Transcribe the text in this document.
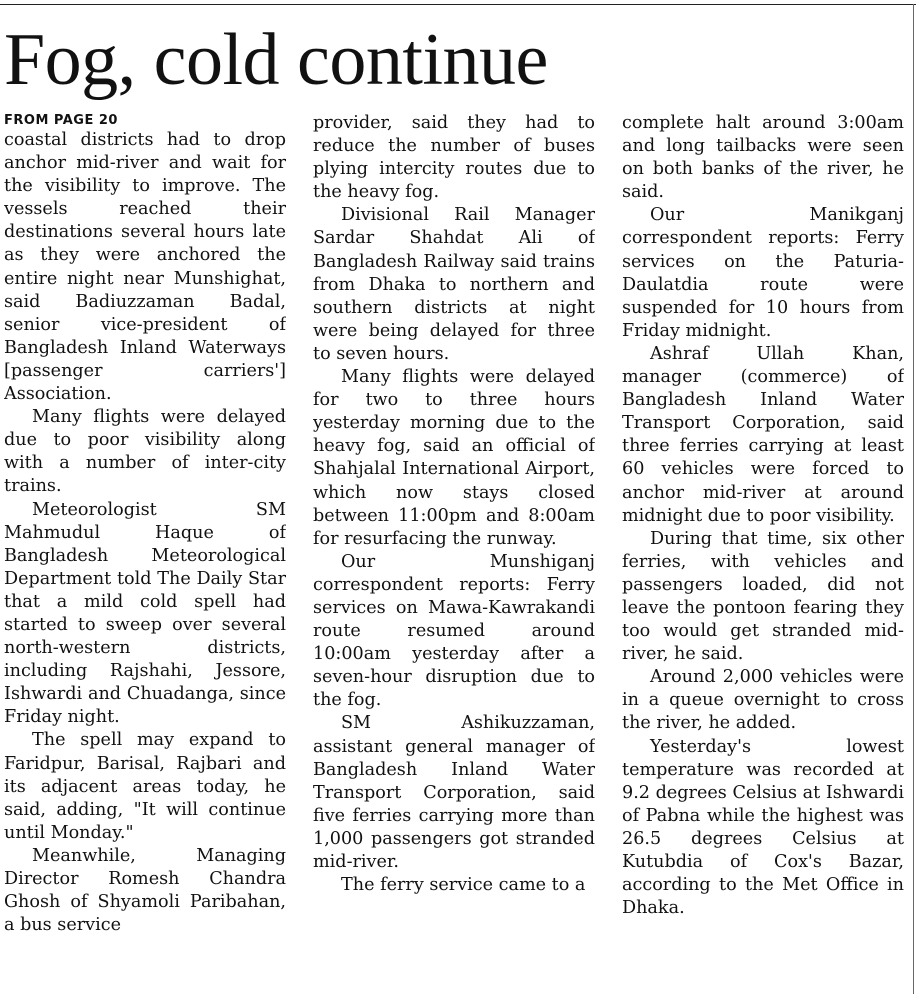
Fog, cold continue
FROM PAGE 20

coastal districts had to drop anchor mid-river and wait for the visibility to improve. The vessels reached their destinations several hours late as they were anchored the entire night near Munshighat, said Badiuzzaman Badal, senior vice-president of Bangladesh Inland Waterways [passenger carriers'] Association.

Many flights were delayed due to poor visibility along with a number of inter-city trains.

Meteorologist SM Mahmudul Haque of Bangladesh Meteorological Department told The Daily Star that a mild cold spell had started to sweep over several north-western districts, including Rajshahi, Jessore, Ishwardi and Chuadanga, since Friday night.

The spell may expand to Faridpur, Barisal, Rajbari and its adjacent areas today, he said, adding, "It will continue until Monday."

Meanwhile, Managing Director Romesh Chandra Ghosh of Shyamoli Paribahan, a bus service

provider, said they had to reduce the number of buses plying intercity routes due to the heavy fog.

Divisional Rail Manager Sardar Shahdat Ali of Bangladesh Railway said trains from Dhaka to northern and southern districts at night were being delayed for three to seven hours.

Many flights were delayed for two to three hours yesterday morning due to the heavy fog, said an official of Shahjalal International Airport, which now stays closed between 11:00pm and 8:00am for resurfacing the runway.

Our Munshiganj correspondent reports: Ferry services on Mawa-Kawrakandi route resumed around 10:00am yesterday after a seven-hour disruption due to the fog.

SM Ashikuzzaman, assistant general manager of Bangladesh Inland Water Transport Corporation, said five ferries carrying more than 1,000 passengers got stranded mid-river.

The ferry service came to a

complete halt around 3:00am and long tailbacks were seen on both banks of the river, he said.

Our Manikganj correspondent reports: Ferry services on the Paturia-Daulatdia route were suspended for 10 hours from Friday midnight.

Ashraf Ullah Khan, manager (commerce) of Bangladesh Inland Water Transport Corporation, said three ferries carrying at least 60 vehicles were forced to anchor mid-river at around midnight due to poor visibility.

During that time, six other ferries, with vehicles and passengers loaded, did not leave the pontoon fearing they too would get stranded mid-river, he said.

Around 2,000 vehicles were in a queue overnight to cross the river, he added.

Yesterday's lowest temperature was recorded at 9.2 degrees Celsius at Ishwardi of Pabna while the highest was 26.5 degrees Celsius at Kutubdia of Cox's Bazar, according to the Met Office in Dhaka.
